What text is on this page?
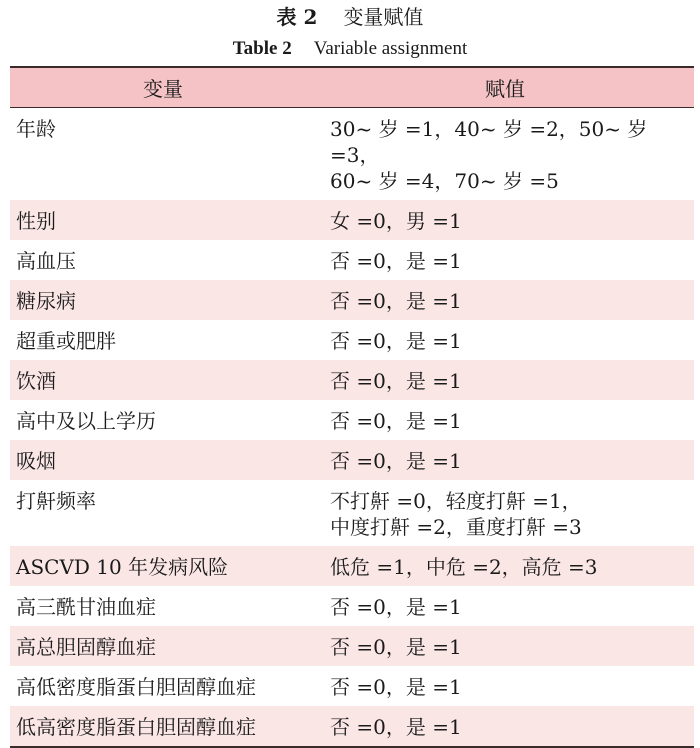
表 2 变量赋值
Table 2 Variable assignment
变量	赋值
年龄	30~ 岁 =1，40~ 岁 =2，50~ 岁 =3，
60~ 岁 =4，70~ 岁 =5

性别	女 =0，男 =1

高血压	否 =0，是 =1

糖尿病	否 =0，是 =1

超重或肥胖	否 =0，是 =1

饮酒	否 =0，是 =1

高中及以上学历	否 =0，是 =1

吸烟	否 =0，是 =1

打鼾频率	不打鼾 =0，轻度打鼾 =1，
中度打鼾 =2，重度打鼾 =3

ASCVD 10 年发病风险	低危 =1，中危 =2，高危 =3

高三酰甘油血症	否 =0，是 =1

高总胆固醇血症	否 =0，是 =1

高低密度脂蛋白胆固醇血症	否 =0，是 =1

低高密度脂蛋白胆固醇血症	否 =0，是 =1
